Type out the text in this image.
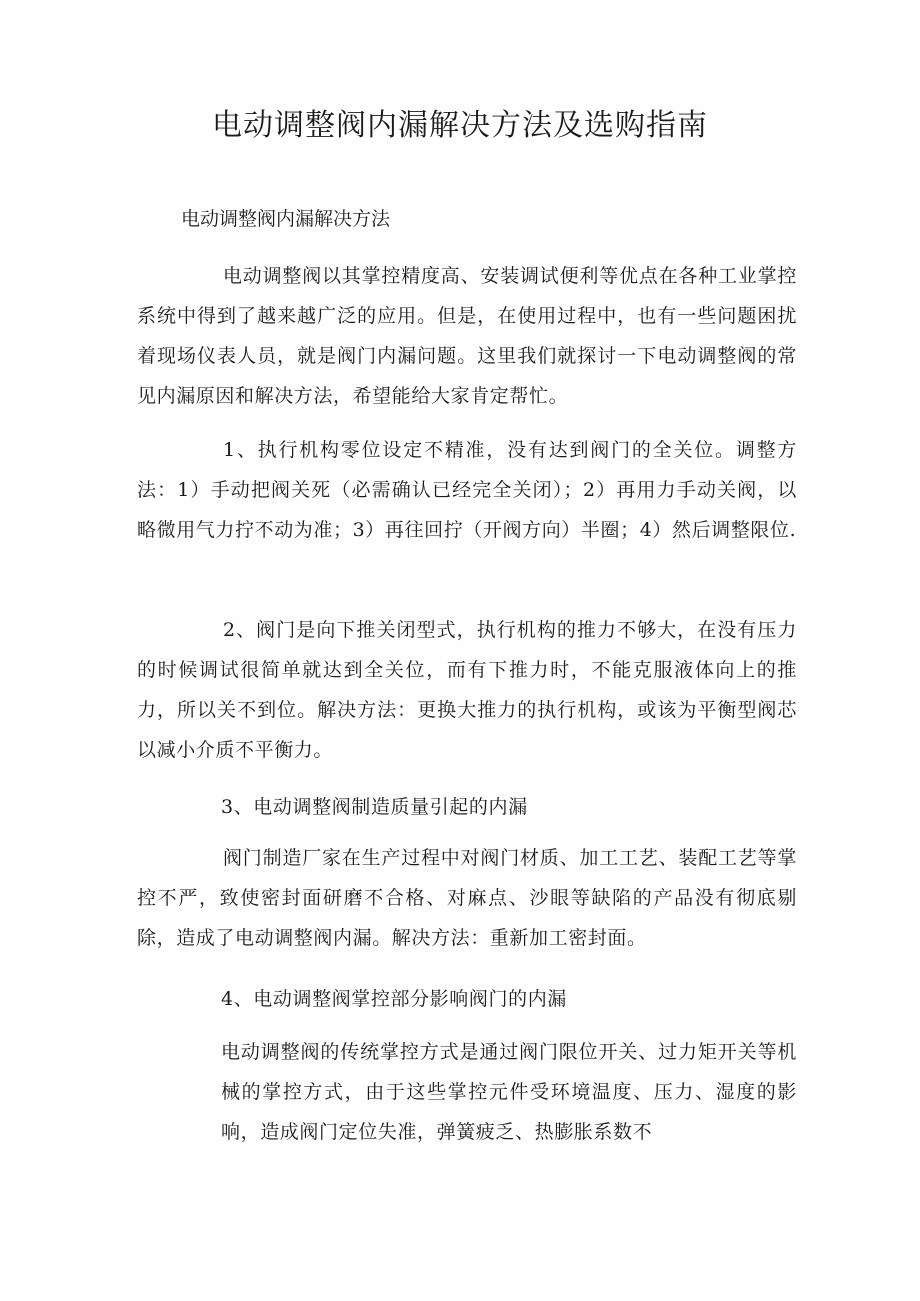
电动调整阀内漏解决方法及选购指南
电动调整阀内漏解决方法
电动调整阀以其掌控精度高、安装调试便利等优点在各种工业掌控系统中得到了越来越广泛的应用。但是，在使用过程中，也有一些问题困扰着现场仪表人员，就是阀门内漏问题。这里我们就探讨一下电动调整阀的常见内漏原因和解决方法，希望能给大家肯定帮忙。
1、执行机构零位设定不精准，没有达到阀门的全关位。调整方法：1）手动把阀关死（必需确认已经完全关闭）；2）再用力手动关阀，以略微用气力拧不动为准；3）再往回拧（开阀方向）半圈；4）然后调整限位.
2、阀门是向下推关闭型式，执行机构的推力不够大，在没有压力的时候调试很简单就达到全关位，而有下推力时，不能克服液体向上的推力，所以关不到位。解决方法：更换大推力的执行机构，或该为平衡型阀芯以减小介质不平衡力。
3、电动调整阀制造质量引起的内漏
阀门制造厂家在生产过程中对阀门材质、加工工艺、装配工艺等掌控不严，致使密封面研磨不合格、对麻点、沙眼等缺陷的产品没有彻底剔除，造成了电动调整阀内漏。解决方法：重新加工密封面。
4、电动调整阀掌控部分影响阀门的内漏
电动调整阀的传统掌控方式是通过阀门限位开关、过力矩开关等机械的掌控方式，由于这些掌控元件受环境温度、压力、湿度的影响，造成阀门定位失准，弹簧疲乏、热膨胀系数不
